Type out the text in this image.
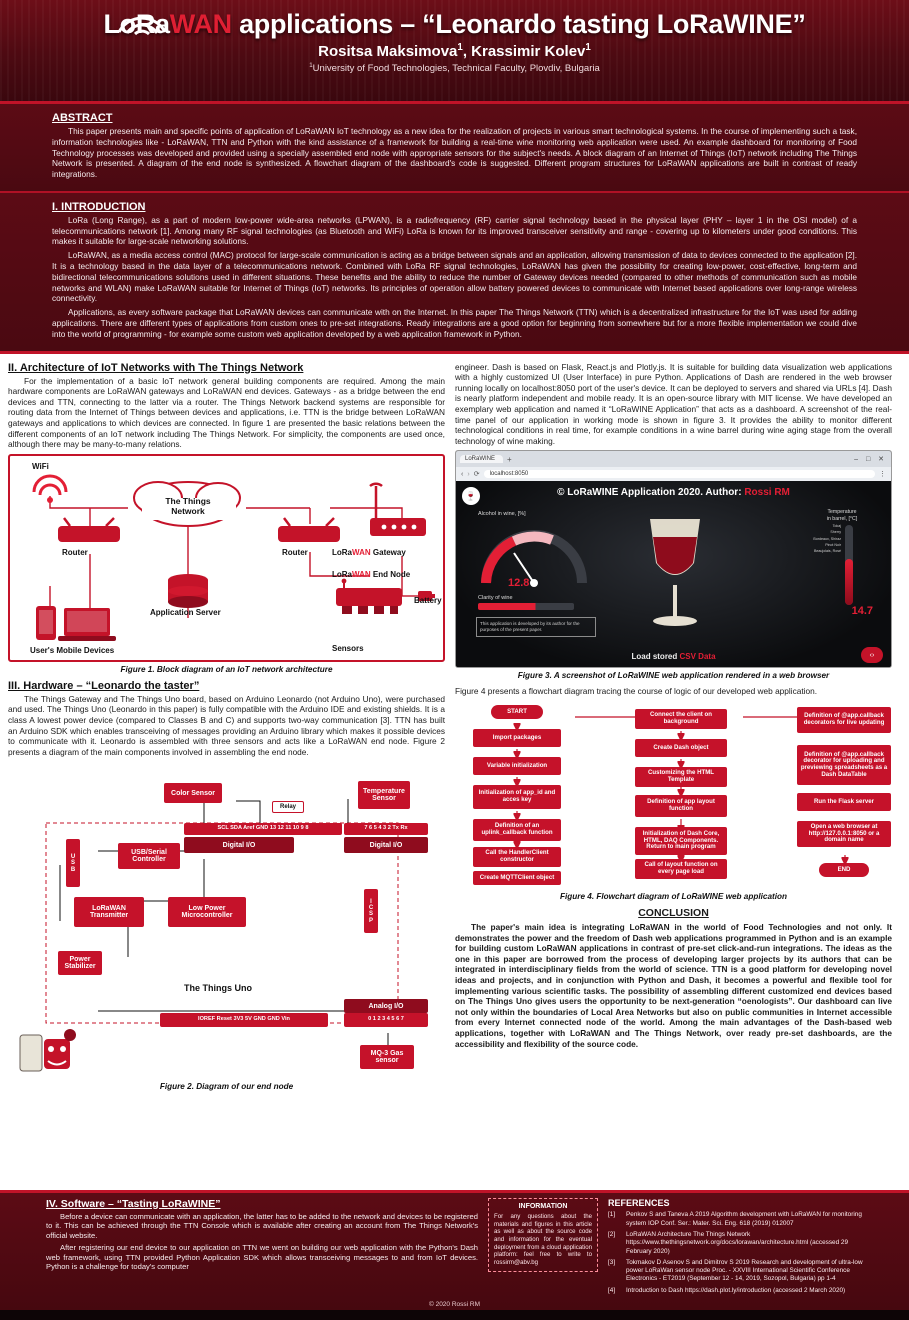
LoRaWAN applications – “Leonardo tasting LoRaWINE”
Rositsa Maksimova$^1$, Krassimir Kolev$^1$
$^1$University of Food Technologies, Technical Faculty, Plovdiv, Bulgaria
ABSTRACT

This paper presents main and specific points of application of LoRaWAN IoT technology as a new idea for the realization of projects in various smart technological systems. In the course of implementing such a task, information technologies like - LoRaWAN, TTN and Python with the kind assistance of a framework for building a real-time wine monitoring web application were used. An example dashboard for monitoring of Food Technology processes was developed and provided using a specially assembled end node with appropriate sensors for the subject's needs. A block diagram of an Internet of Things (IoT) network including The Things Network is presented. A diagram of the end node is synthesized. A flowchart diagram of the dashboard's code is suggested. Different program structures for LoRaWAN applications are built in contrast of ready integrations.

I. INTRODUCTION

LoRa (Long Range), as a part of modern low-power wide-area networks (LPWAN), is a radiofrequency (RF) carrier signal technology based in the physical layer (PHY – layer 1 in the OSI model) of a telecommunications network [1]. Among many RF signal technologies (as Bluetooth and WiFi) LoRa is known for its improved transceiver sensitivity and range - covering up to kilometers under good conditions. This makes it suitable for large-scale networking solutions.

LoRaWAN, as a media access control (MAC) protocol for large-scale communication is acting as a bridge between signals and an application, allowing transmission of data to devices connected to the application [2]. It is a technology based in the data layer of a telecommunications network. Combined with LoRa RF signal technologies, LoRaWAN has given the possibility for creating low-power, cost-effective, long-term and bidirectional telecommunications solutions used in different situations. These benefits and the ability to reduce the number of Gateway devices needed (compared to other methods of communication such as mobile networks and WLAN) make LoRaWAN suitable for Internet of Things (IoT) networks. Its principles of operation allow battery powered devices to communicate with Internet based applications over long-range wireless connectivity.

Applications, as every software package that LoRaWAN devices can communicate with on the Internet. In this paper The Things Network (TTN) which is a decentralized infrastructure for the IoT was used for adding applications. There are different types of applications from custom ones to pre-set integrations. Ready integrations are a good option for beginning from somewhere but for a more flexible implementation we could dive into the world of programming - for example some custom web application developed by a web application framework in Python.

II. Architecture of IoT Networks with The Things Network

For the implementation of a basic IoT network general building components are required. Among the main hardware components are LoRaWAN gateways and LoRaWAN end devices. Gateways - as a bridge between the end devices and TTN, connecting to the latter via a router. The Things Network backend systems are responsible for routing data from the Internet of Things between devices and applications, i.e. TTN is the bridge between LoRaWAN gateways and applications to which devices are connected. In figure 1 are presented the basic relations between the different components of an IoT network including The Things Network. For simplicity, the components are used once, although there may be many-to-many relations.

WiFi
The Things
Network
Router	Router	LoRaWAN Gateway
Application Server
LoRaWAN End Node
Battery
Sensors
User's Mobile Devices
Figure 1. Block diagram of an IoT network architecture
III. Hardware – “Leonardo the taster”

The Things Gateway and The Things Uno board, based on Arduino Leonardo (not Arduino Uno), were purchased and used. The Things Uno (Leonardo in this paper) is fully compatible with the Arduino IDE and existing shields. It is a class A lowest power device (compared to Classes B and C) and supports two-way communication [3]. TTN has built an Arduino SDK which enables transceiving of messages providing an Arduino library which makes it possible devices to communicate with it. Leonardo is assembled with three sensors and acts like a LoRaWAN end node. Figure 2 presents a diagram of the main components involved in assembling the end node.

Color Sensor	Temperature
Sensor
Relay
SCL SDA Aref GND 13 12 11 10 9 8	7 6 5 4 3 2 Tx Rx
Digital I/O	Digital I/O
U
S
B
USB/Serial
Controller
LoRaWAN
Transmitter
Low Power
Microcontroller
I
C
S
P
Power
Stabilizer
The Things Uno
Analog I/O
IOREF Reset 3V3 5V GND GND Vin	0 1 2 3 4 5 6 7
MQ-3 Gas
sensor
Figure 2. Diagram of our end node

engineer. Dash is based on Flask, React.js and Plotly.js. It is suitable for building data visualization web applications with a highly customized UI (User Interface) in pure Python. Applications of Dash are rendered in the web browser running locally on localhost:8050 port of the user's device. It can be deployed to servers and shared via URLs [4]. Dash is nearly platform independent and mobile ready. It is an open-source library with MIT license. We have developed an exemplary web application and named it “LoRaWINE Application” that acts as a dashboard. A screenshot of the real-time panel of our application in working mode is shown in figure 3. It provides the ability to monitor different technological conditions in real time, for example conditions in a wine barrel during wine aging stage from the overall technology of wine making.

LoRaWINE	+	‒ □ ✕
‹ › ⟳	localhost:8050	⋮
© LoRaWINE Application 2020. Author: Rossi RM
🍷
Alcohol in wine, [%]
12.8
Clarity of wine
This application is developed by its author for the purposes of the present paper.
Temperature
in barrel, [°C]
Tokaj
Sherry
Bordeaux, Shiraz
Pinot Noir
Beaujolais, Rosé
14.7
Load stored CSV Data	‹›
Figure 3. A screenshot of LoRaWINE web application rendered in a web browser

Figure 4 presents a flowchart diagram tracing the course of logic of our developed web application.

START
Import packages
Variable initialization
Initialization of app_id and acces key
Definition of an uplink_callback function
Call the HandlerClient constructor
Create MQTTClient object
Connect the client on background
Create Dash object
Customizing the HTML Template
Definition of app layout function
Initialization of Dash Core, HTML, DAQ Components. Return to main program
Call of layout function on every page load
Definition of @app.callback decorators for live updating
Definition of @app.callback decorator for uploading and previewing spreadsheets as a Dash DataTable
Run the Flask server
Open a web browser at http://127.0.0.1:8050 or a domain name
END
Figure 4. Flowchart diagram of LoRaWINE web application
CONCLUSION

The paper's main idea is integrating LoRaWAN in the world of Food Technologies and not only. It demonstrates the power and the freedom of Dash web applications programmed in Python and is an example for building custom LoRaWAN applications in contrast of pre-set click-and-run integrations. The ideas as the one in this paper are borrowed from the process of developing larger projects by its authors that can be integrated in interdisciplinary fields from the world of science. TTN is a good platform for developing novel ideas and projects, and in conjunction with Python and Dash, it becomes a powerful and flexible tool for implementing various scientific tasks. The possibility of assembling different customized end devices based on The Things Uno gives users the opportunity to be next-generation “oenologists”. Our dashboard can live not only within the boundaries of Local Area Networks but also on public communities in Internet accessible from every Internet connected node of the world. Among the main advantages of the Dash-based web applications, together with LoRaWAN and The Things Network, over ready pre-set dashboards, are the accessibility and flexibility of the source code.

IV. Software – “Tasting LoRaWINE”

Before a device can communicate with an application, the latter has to be added to the network and devices to be registered to it. This can be achieved through the TTN Console which is available after creating an account from The Things Network's official website.

After registering our end device to our application on TTN we went on building our web application with the Python's Dash web framework, using TTN provided Python Application SDK which allows transceiving messages to and from IoT devices. Python is a challenge for today's computer

INFORMATION
For any questions about the materials and figures in this article as well as about the source code and information for the eventual deployment from a cloud application platform: feel free to write to rossirm@abv.bg
REFERENCES
[1]	Penkov S and Taneva A 2019 Algorithm development with LoRaWAN for monitoring system IOP Conf. Ser.: Mater. Sci. Eng. 618 (2019) 012007
[2]	LoRaWAN Architecture The Things Network https://www.thethingsnetwork.org/docs/lorawan/architecture.html (accessed 29 February 2020)
[3]	Tokmakov D Asenov S and Dimitrov S 2019 Research and development of ultra-low power LoRaWan sensor node Proc. - XXVIII International Scientific Conference Electronics - ET2019 (September 12 - 14, 2019, Sozopol, Bulgaria) pp 1-4
[4]	Introduction to Dash https://dash.plot.ly/introduction (accessed 2 March 2020)
© 2020 Rossi RM
